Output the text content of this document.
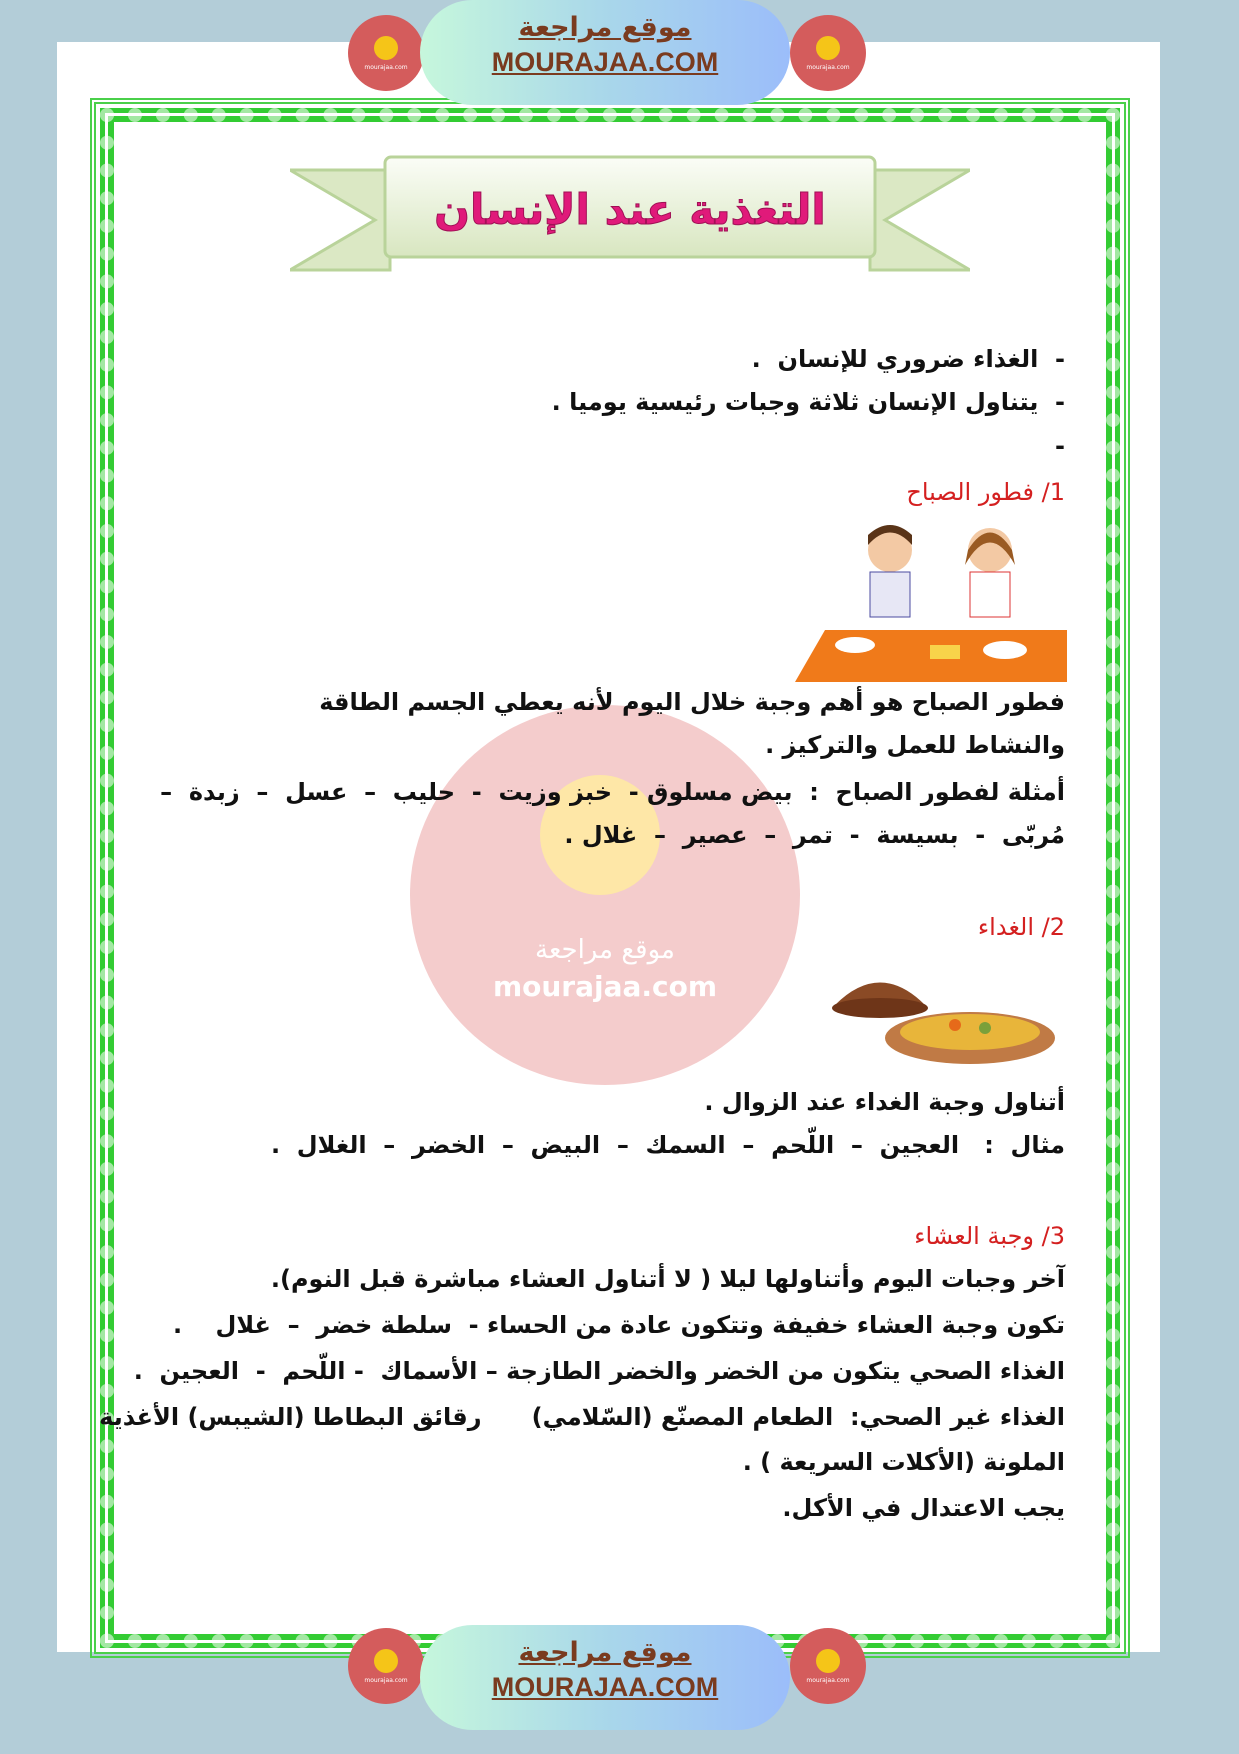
mourajaa.com
موقع مراجعة
MOURAJAA.COM	mourajaa.com
التغذية عند الإنسان
-  الغذاء ضروري للإنسان  .
-  يتناول الإنسان ثلاثة وجبات رئيسية يوميا .
-
موقع مراجعة
mourajaa.com
1/ فطور الصباح
فطور الصباح هو أهم وجبة خلال اليوم لأنه يعطي الجسم الطاقة
والنشاط للعمل والتركيز .
أمثلة لفطور الصباح  :  بيض مسلوق -  خبز وزيت  -  حليب  –  عسل  –  زبدة  –
مُربّى  -  بسيسة  -  تمر  –  عصير  –  غلال .
2/ الغداء
أتناول وجبة الغداء عند الزوال .
مثال  :   العجين  –  اللّحم  –  السمك  –  البيض  –  الخضر  –  الغلال  .
3/ وجبة العشاء
آخر وجبات اليوم وأتناولها ليلا ( لا أتناول العشاء مباشرة قبل النوم).
تكون وجبة العشاء خفيفة وتتكون عادة من الحساء -  سلطة خضر  –  غلال    .
الغذاء الصحي يتكون من الخضر والخضر الطازجة – الأسماك  - اللّحم  -  العجين  .
الغذاء غير الصحي:  الطعام المصنّع (السّلامي)      رقائق البطاطا (الشيبس) الأغذية
الملونة (الأكلات السريعة ) .
يجب الاعتدال في الأكل.
mourajaa.com
موقع مراجعة
MOURAJAA.COM	mourajaa.com
